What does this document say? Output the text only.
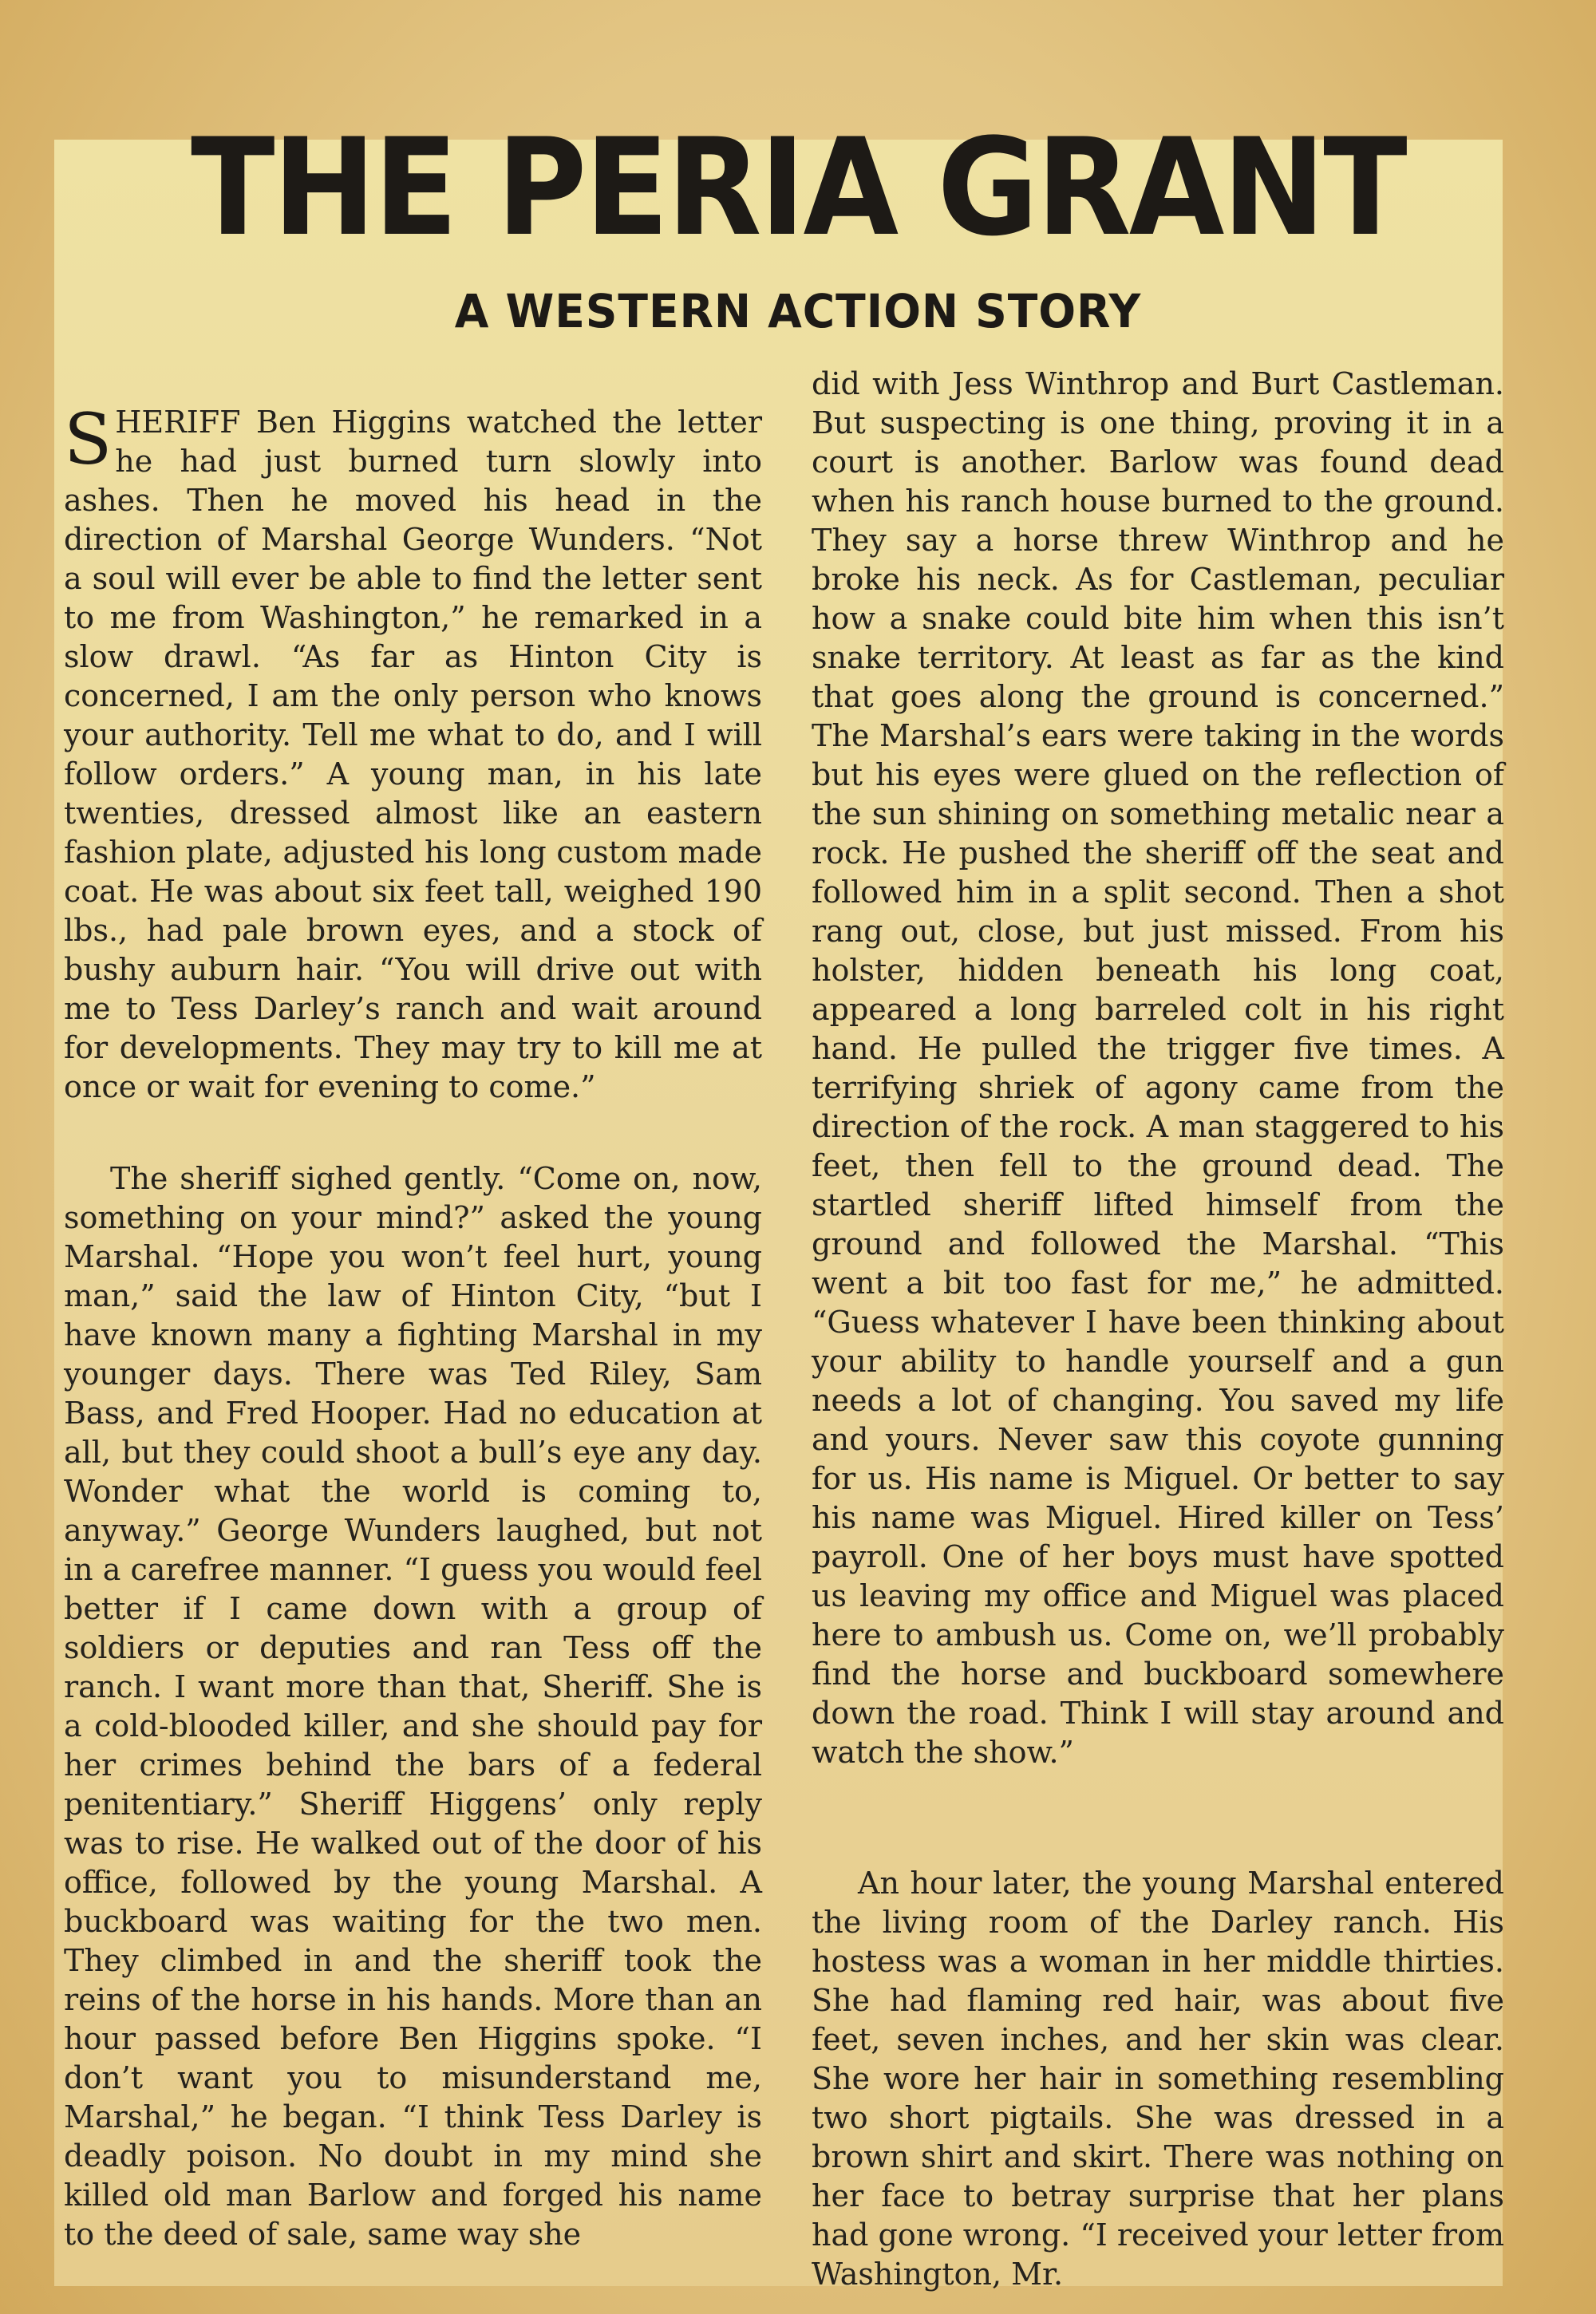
THE PERIA GRANT
A WESTERN ACTION STORY

SHERIFF Ben Higgins watched the letter he had just burned turn slowly into ashes. Then he moved his head in the direction of Marshal George Wunders. “Not a soul will ever be able to find the letter sent to me from Washington,” he remarked in a slow drawl. “As far as Hinton City is concerned, I am the only person who knows your authority. Tell me what to do, and I will follow orders.” A young man, in his late twenties, dressed almost like an eastern fashion plate, adjusted his long custom made coat. He was about six feet tall, weighed 190 lbs., had pale brown eyes, and a stock of bushy auburn hair. “You will drive out with me to Tess Darley’s ranch and wait around for developments. They may try to kill me at once or wait for evening to come.”

The sheriff sighed gently. “Come on, now, something on your mind?” asked the young Marshal. “Hope you won’t feel hurt, young man,” said the law of Hinton City, “but I have known many a fighting Marshal in my younger days. There was Ted Riley, Sam Bass, and Fred Hooper. Had no education at all, but they could shoot a bull’s eye any day. Wonder what the world is coming to, anyway.” George Wunders laughed, but not in a carefree manner. “I guess you would feel better if I came down with a group of soldiers or deputies and ran Tess off the ranch. I want more than that, Sheriff. She is a cold-blooded killer, and she should pay for her crimes behind the bars of a federal penitentiary.” Sheriff Higgens’ only reply was to rise. He walked out of the door of his office, followed by the young Marshal. A buckboard was waiting for the two men. They climbed in and the sheriff took the reins of the horse in his hands. More than an hour passed before Ben Higgins spoke. “I don’t want you to misunderstand me, Marshal,” he began. “I think Tess Darley is deadly poison. No doubt in my mind she killed old man Barlow and forged his name to the deed of sale, same way she

did with Jess Winthrop and Burt Castleman. But suspecting is one thing, proving it in a court is another. Barlow was found dead when his ranch house burned to the ground. They say a horse threw Winthrop and he broke his neck. As for Castleman, peculiar how a snake could bite him when this isn’t snake territory. At least as far as the kind that goes along the ground is concerned.” The Marshal’s ears were taking in the words but his eyes were glued on the reflection of the sun shining on something metalic near a rock. He pushed the sheriff off the seat and followed him in a split second. Then a shot rang out, close, but just missed. From his holster, hidden beneath his long coat, appeared a long barreled colt in his right hand. He pulled the trigger five times. A terrifying shriek of agony came from the direction of the rock. A man staggered to his feet, then fell to the ground dead. The startled sheriff lifted himself from the ground and followed the Marshal. “This went a bit too fast for me,” he admitted. “Guess whatever I have been thinking about your ability to handle yourself and a gun needs a lot of changing. You saved my life and yours. Never saw this coyote gunning for us. His name is Miguel. Or better to say his name was Miguel. Hired killer on Tess’ payroll. One of her boys must have spotted us leaving my office and Miguel was placed here to ambush us. Come on, we’ll probably find the horse and buckboard somewhere down the road. Think I will stay around and watch the show.”

An hour later, the young Marshal entered the living room of the Darley ranch. His hostess was a woman in her middle thirties. She had flaming red hair, was about five feet, seven inches, and her skin was clear. She wore her hair in something resembling two short pigtails. She was dressed in a brown shirt and skirt. There was nothing on her face to betray surprise that her plans had gone wrong. “I received your letter from Washington, Mr.
